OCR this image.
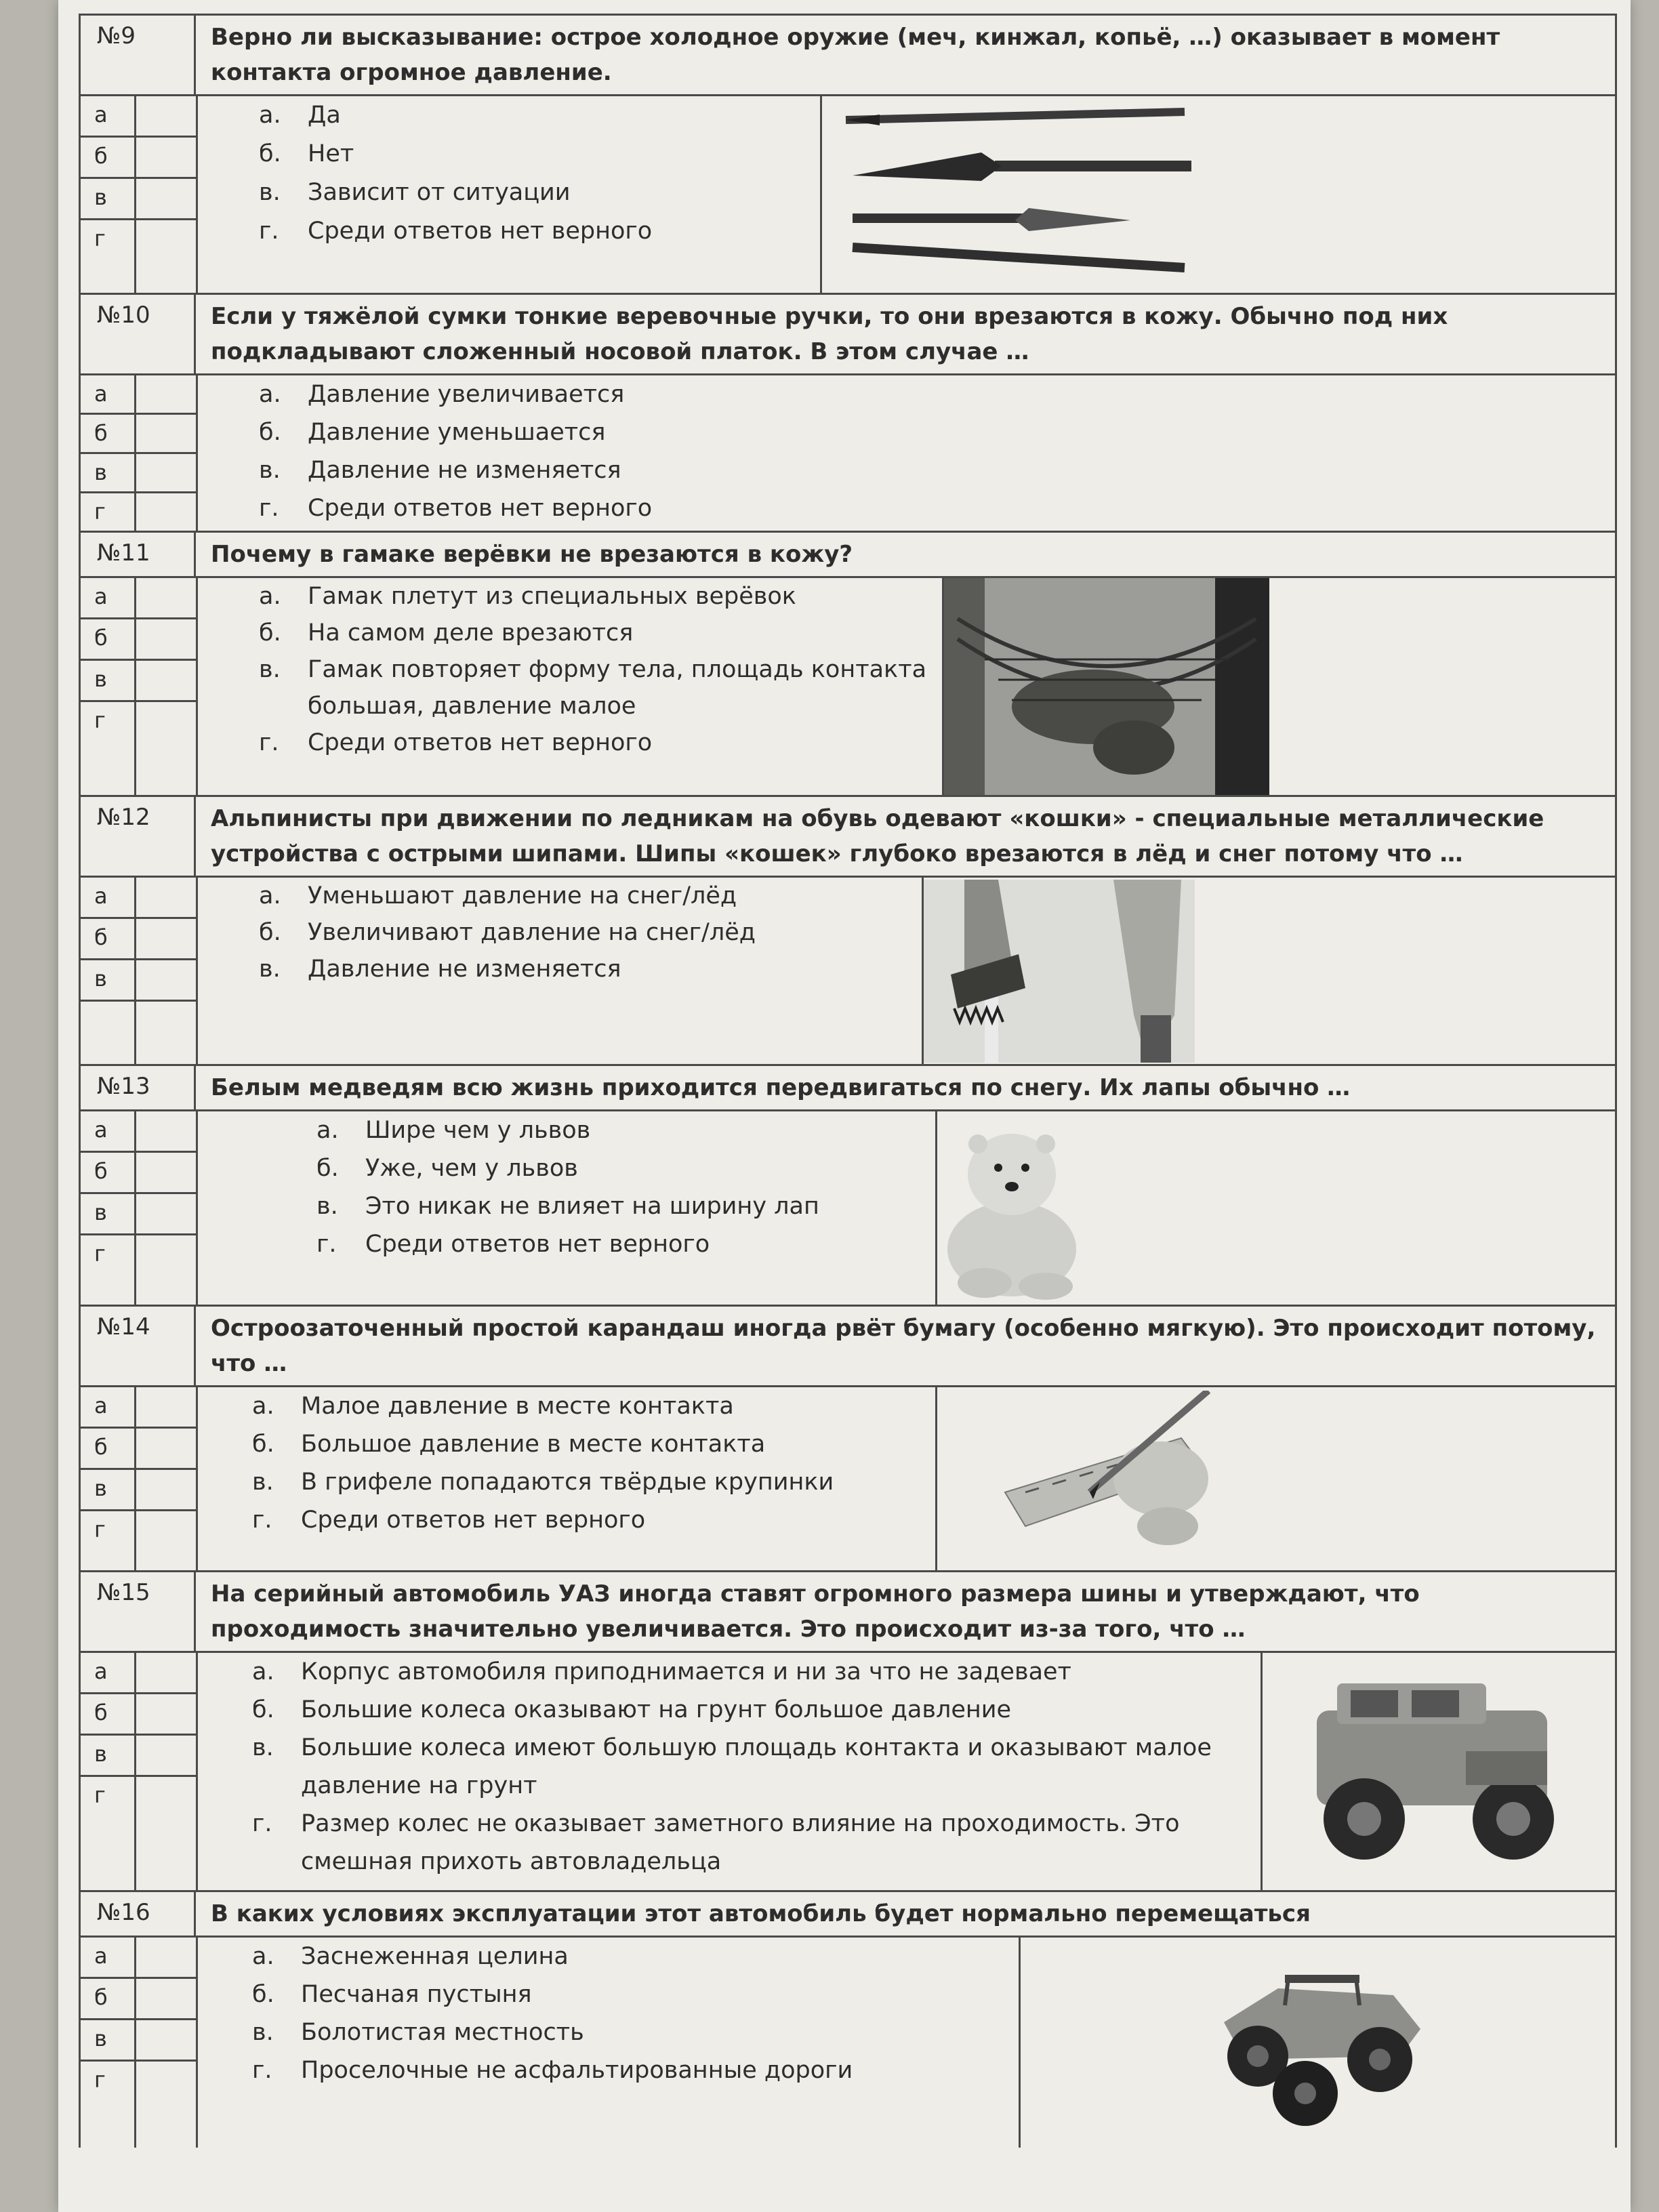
№9	Верно ли высказывание: острое холодное оружие (меч, кинжал, копьё, …) оказывает в момент контакта огромное давление.
а
б
в
г
а.	Да
б.	Нет
в.	Зависит от ситуации
г.	Среди ответов нет верного
№10	Если у тяжёлой сумки тонкие веревочные ручки, то они врезаются в кожу. Обычно под них подкладывают сложенный носовой платок. В этом случае …
а
б
в
г
а.	Давление увеличивается
б.	Давление уменьшается
в.	Давление не изменяется
г.	Среди ответов нет верного
№11	Почему в гамаке верёвки не врезаются в кожу?
а
б
в
г
а.	Гамак плетут из специальных верёвок
б.	На самом деле врезаются
в.	Гамак повторяет форму тела, площадь контакта большая, давление малое
г.	Среди ответов нет верного
№12	Альпинисты при движении по ледникам на обувь одевают «кошки» - специальные металлические устройства с острыми шипами. Шипы «кошек» глубоко врезаются в лёд и снег потому что …
а
б
в
а.	Уменьшают давление на снег/лёд
б.	Увеличивают давление на снег/лёд
в.	Давление не изменяется
№13	Белым медведям всю жизнь приходится передвигаться по снегу. Их лапы обычно …
а
б
в
г
а.	Шире чем у львов
б.	Уже, чем у львов
в.	Это никак не влияет на ширину лап
г.	Среди ответов нет верного
№14	Остроозаточенный простой карандаш иногда рвёт бумагу (особенно мягкую). Это происходит потому, что …
а
б
в
г
а.	Малое давление в месте контакта
б.	Большое давление в месте контакта
в.	В грифеле попадаются твёрдые крупинки
г.	Среди ответов нет верного
№15	На серийный автомобиль УАЗ иногда ставят огромного размера шины и утверждают, что проходимость значительно увеличивается. Это происходит из-за того, что …
а
б
в
г
а.	Корпус автомобиля приподнимается и ни за что не задевает
б.	Большие колеса оказывают на грунт большое давление
в.	Большие колеса имеют большую площадь контакта и оказывают малое давление на грунт
г.	Размер колес не оказывает заметного влияние на проходимость. Это смешная прихоть автовладельца
№16	В каких условиях эксплуатации этот автомобиль будет нормально перемещаться
а
б
в
г
а.	Заснеженная целина
б.	Песчаная пустыня
в.	Болотистая местность
г.	Проселочные не асфальтированные дороги
